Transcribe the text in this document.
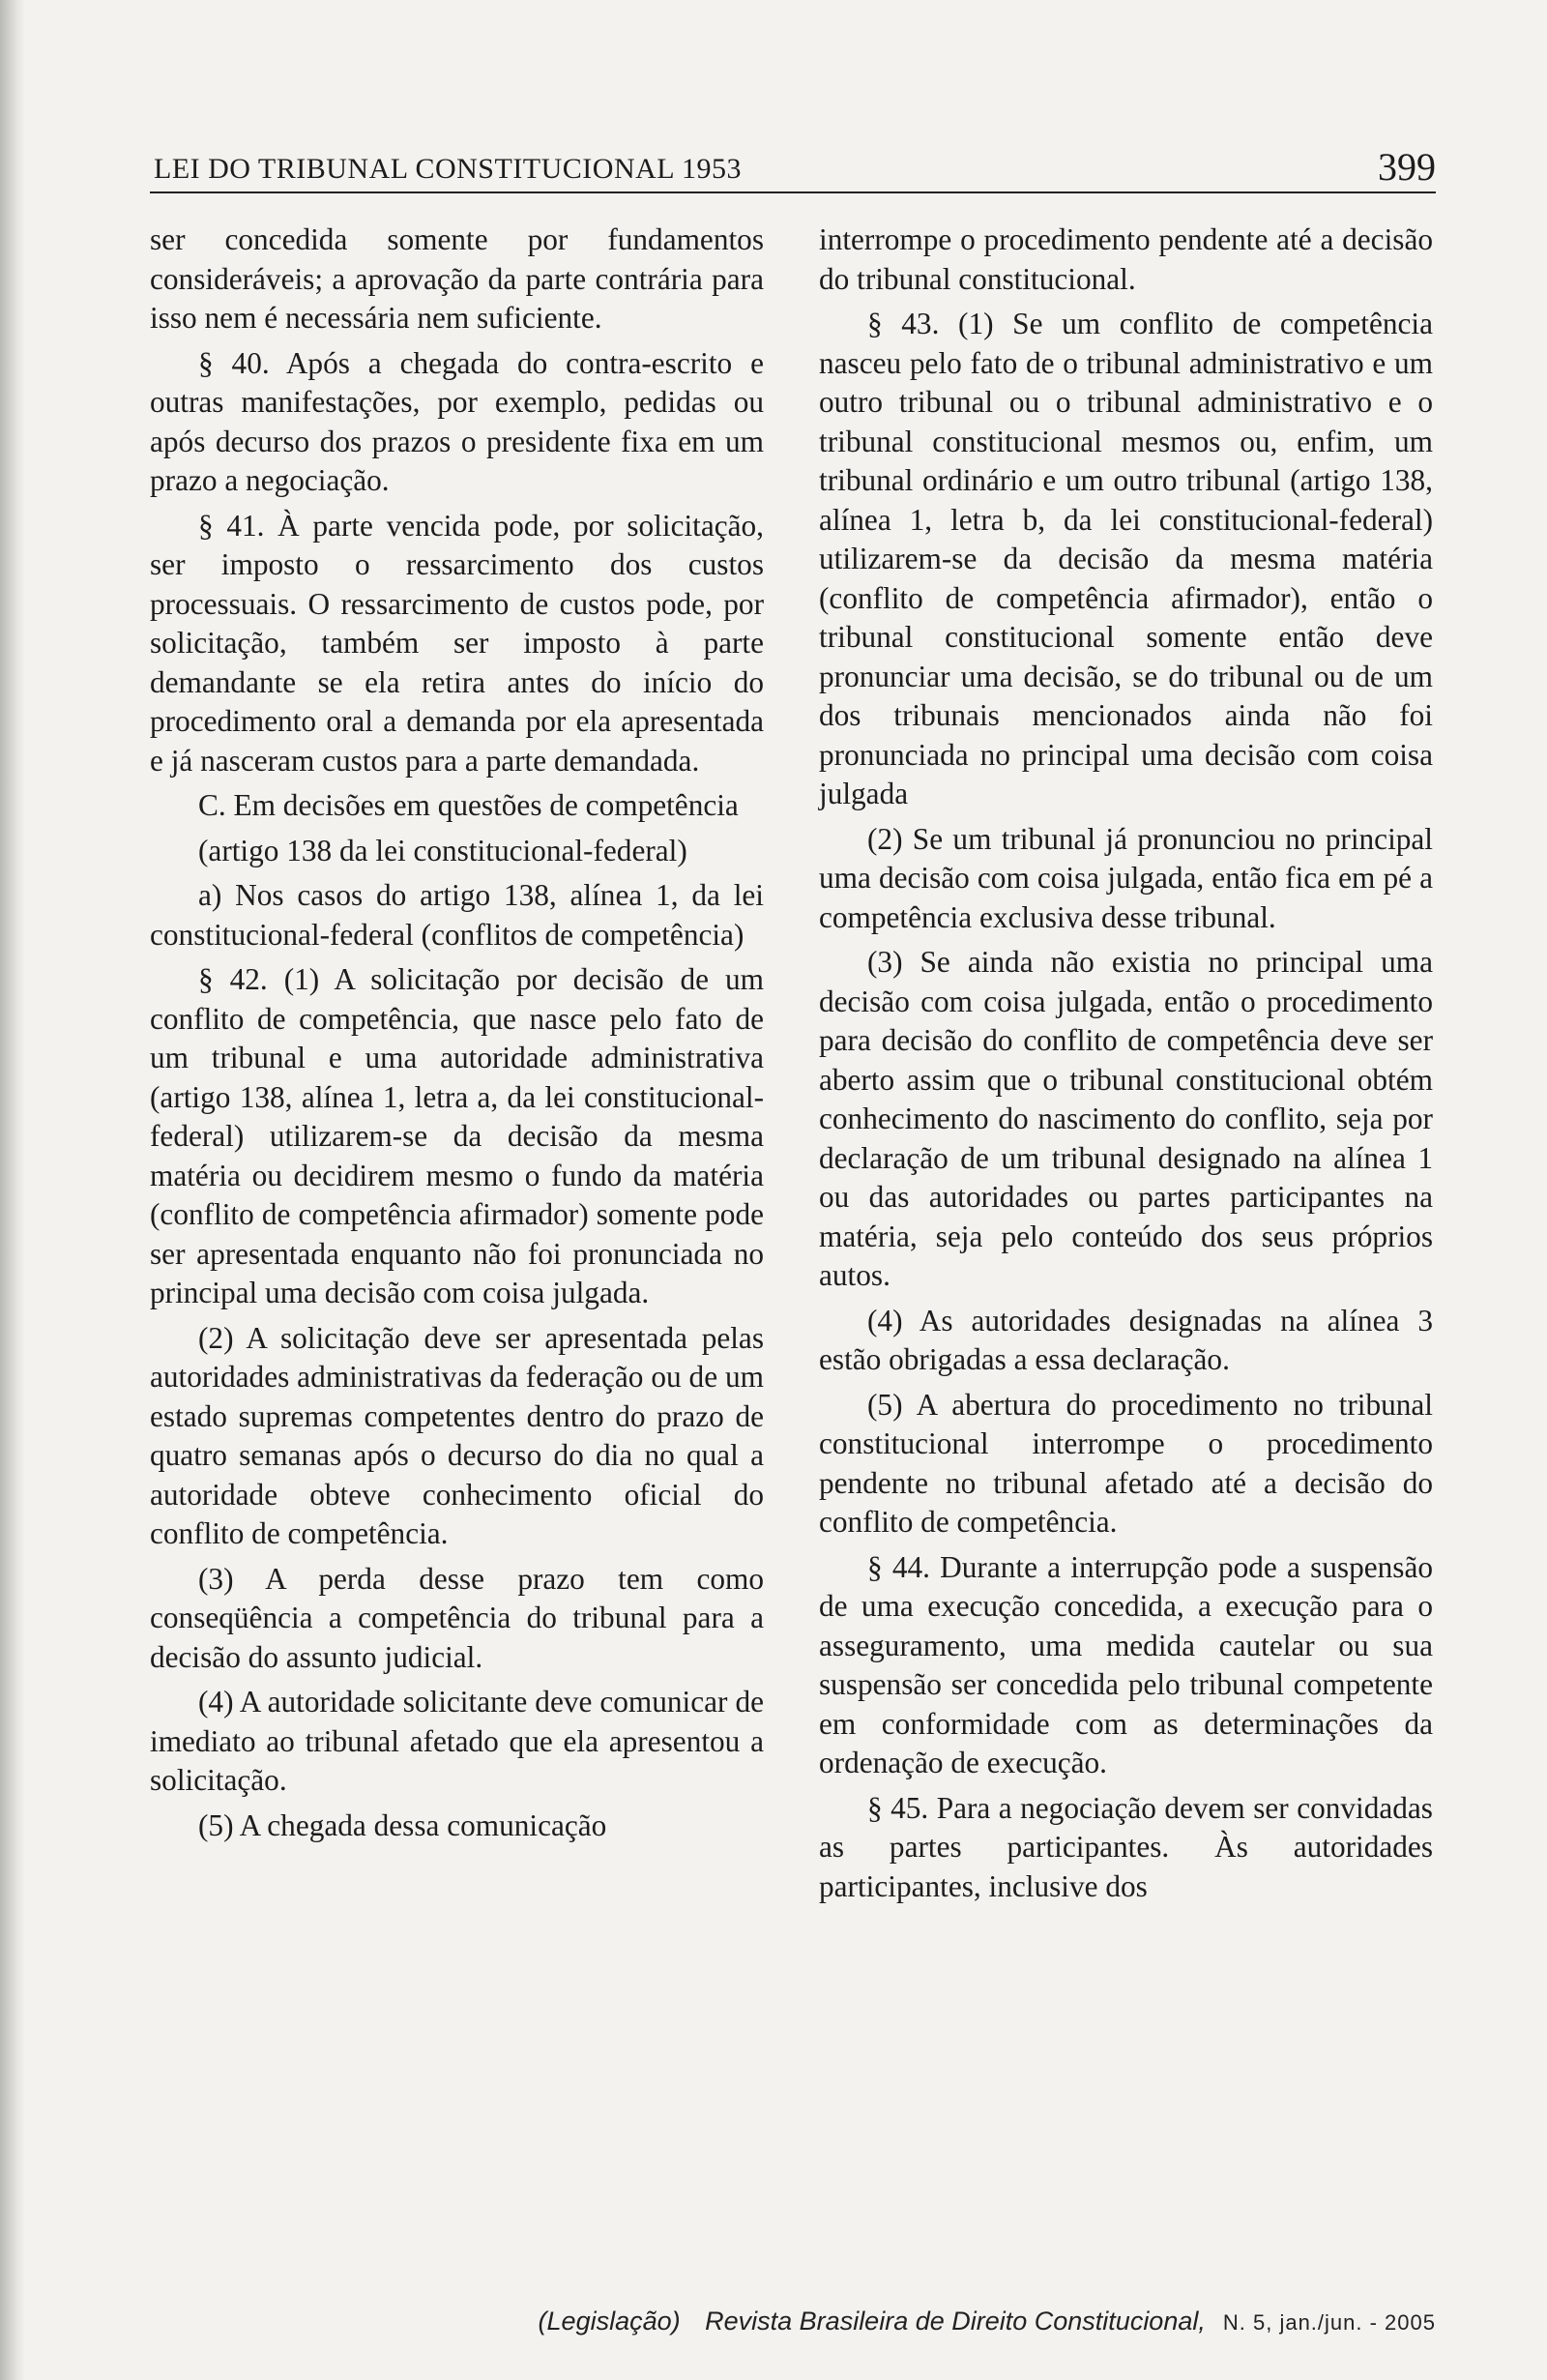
LEI DO TRIBUNAL CONSTITUCIONAL 1953	399

ser concedida somente por fundamentos consideráveis; a aprovação da parte contrária para isso nem é necessária nem suficiente.

§ 40. Após a chegada do contra-escrito e outras manifestações, por exemplo, pedidas ou após decurso dos prazos o presidente fixa em um prazo a negociação.

§ 41. À parte vencida pode, por solicitação, ser imposto o ressarcimento dos custos processuais. O ressarcimento de custos pode, por solicitação, também ser imposto à parte demandante se ela retira antes do início do procedimento oral a demanda por ela apresentada e já nasceram custos para a parte demandada.

C. Em decisões em questões de competência

(artigo 138 da lei constitucional-federal)

a) Nos casos do artigo 138, alínea 1, da lei constitucional-federal (conflitos de competência)

§ 42. (1) A solicitação por decisão de um conflito de competência, que nasce pelo fato de um tribunal e uma autoridade administrativa (artigo 138, alínea 1, letra a, da lei constitucional-federal) utilizarem-se da decisão da mesma matéria ou decidirem mesmo o fundo da matéria (conflito de competência afirmador) somente pode ser apresentada enquanto não foi pronunciada no principal uma decisão com coisa julgada.

(2) A solicitação deve ser apresentada pelas autoridades administrativas da federação ou de um estado supremas competentes dentro do prazo de quatro semanas após o decurso do dia no qual a autoridade obteve conhecimento oficial do conflito de competência.

(3) A perda desse prazo tem como conseqüência a competência do tribunal para a decisão do assunto judicial.

(4) A autoridade solicitante deve comunicar de imediato ao tribunal afetado que ela apresentou a solicitação.

(5) A chegada dessa comunicação

interrompe o procedimento pendente até a decisão do tribunal constitucional.

§ 43. (1) Se um conflito de competência nasceu pelo fato de o tribunal administrativo e um outro tribunal ou o tribunal administrativo e o tribunal constitucional mesmos ou, enfim, um tribunal ordinário e um outro tribunal (artigo 138, alínea 1, letra b, da lei constitucional-federal) utilizarem-se da decisão da mesma matéria (conflito de competência afirmador), então o tribunal constitucional somente então deve pronunciar uma decisão, se do tribunal ou de um dos tribunais mencionados ainda não foi pronunciada no principal uma decisão com coisa julgada

(2) Se um tribunal já pronunciou no principal uma decisão com coisa julgada, então fica em pé a competência exclusiva desse tribunal.

(3) Se ainda não existia no principal uma decisão com coisa julgada, então o procedimento para decisão do conflito de competência deve ser aberto assim que o tribunal constitucional obtém conhecimento do nascimento do conflito, seja por declaração de um tribunal designado na alínea 1 ou das autoridades ou partes participantes na matéria, seja pelo conteúdo dos seus próprios autos.

(4) As autoridades designadas na alínea 3 estão obrigadas a essa declaração.

(5) A abertura do procedimento no tribunal constitucional interrompe o procedimento pendente no tribunal afetado até a decisão do conflito de competência.

§ 44. Durante a interrupção pode a suspensão de uma execução concedida, a execução para o asseguramento, uma medida cautelar ou sua suspensão ser concedida pelo tribunal competente em conformidade com as determinações da ordenação de execução.

§ 45. Para a negociação devem ser convidadas as partes participantes. Às autoridades participantes, inclusive dos

(Legislação) Revista Brasileira de Direito Constitucional, N. 5, jan./jun. - 2005
